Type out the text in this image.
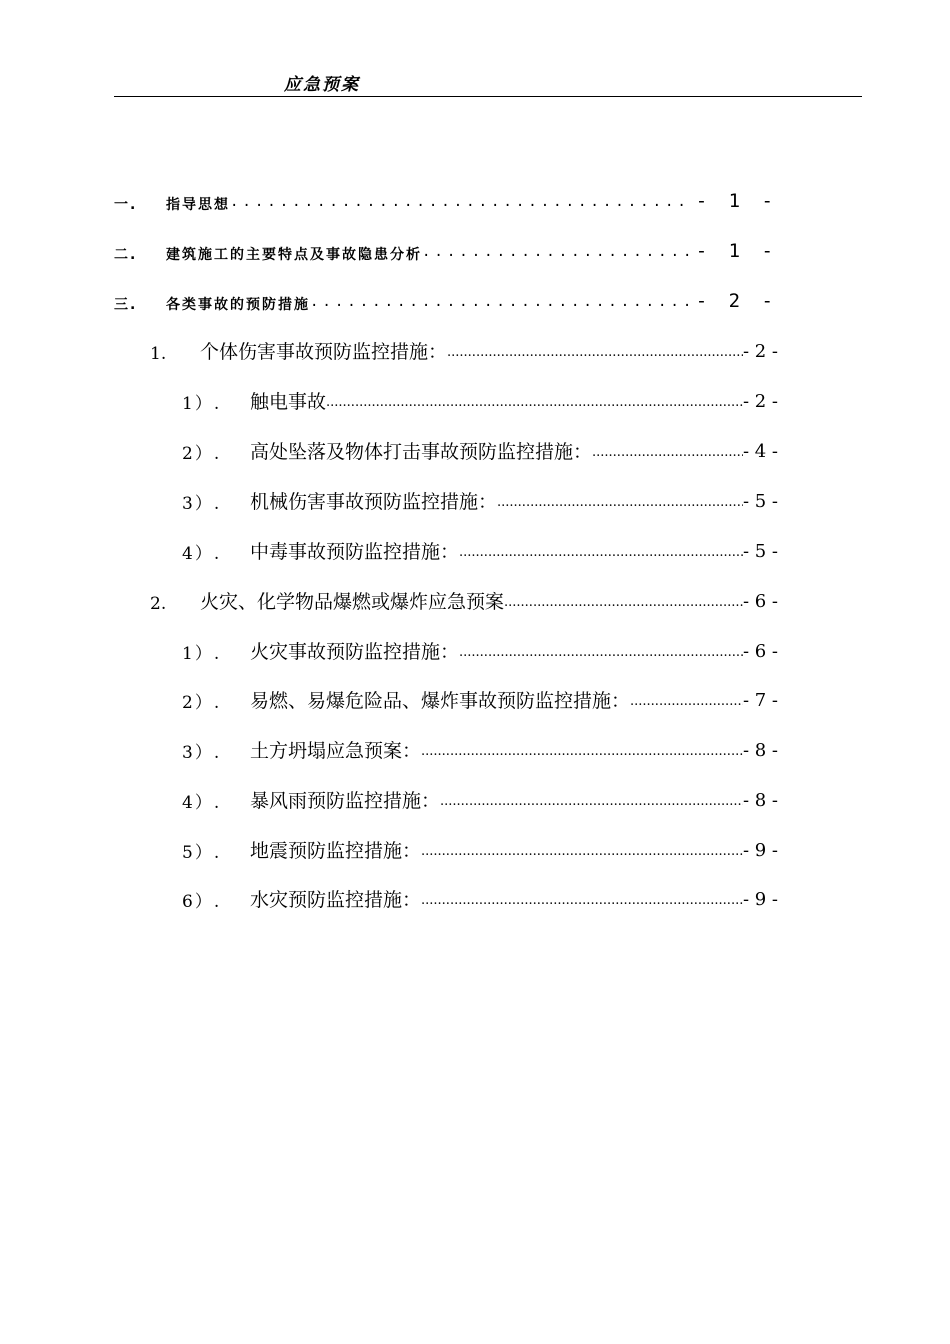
应急预案
一.	指导思想 .....	- 1 -
二.	建筑施工的主要特点及事故隐患分析 .....	- 1 -
三.	各类事故的预防措施 .....	- 2 -
1.	个体伤害事故预防监控措施： .....	- 2 -
1）.	触电事故 .....	- 2 -
2）.	高处坠落及物体打击事故预防监控措施： .....	- 4 -
3）.	机械伤害事故预防监控措施： .....	- 5 -
4）.	中毒事故预防监控措施： .....	- 5 -
2.	火灾、化学物品爆燃或爆炸应急预案 .....	- 6 -
1）.	火灾事故预防监控措施： .....	- 6 -
2）.	易燃、易爆危险品、爆炸事故预防监控措施： .....	- 7 -
3）.	土方坍塌应急预案： .....	- 8 -
4）.	暴风雨预防监控措施： .....	- 8 -
5）.	地震预防监控措施： .....	- 9 -
6）.	水灾预防监控措施： .....	- 9 -
